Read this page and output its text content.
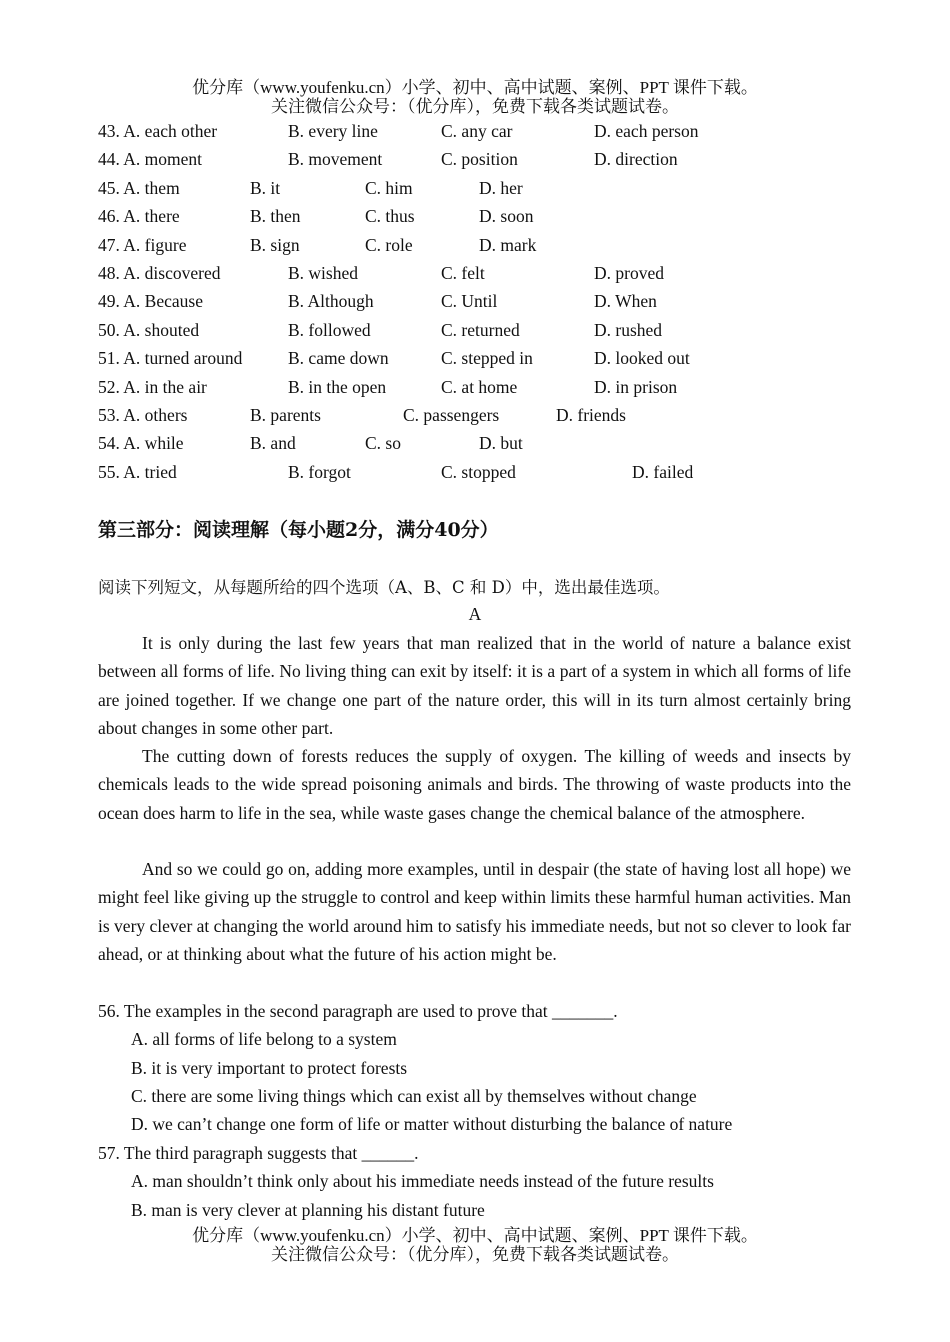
优分库（www.youfenku.cn）小学、初中、高中试题、案例、PPT 课件下载。
关注微信公众号：（优分库），免费下载各类试题试卷。
43. A. each other	B. every line	C. any car	D. each person
44. A. moment	B. movement	C. position	D. direction
45. A. them	B. it	C. him	D. her
46. A. there	B. then	C. thus	D. soon
47. A. figure	B. sign	C. role	D. mark
48. A. discovered	B. wished	C. felt	D. proved
49. A. Because	B. Although	C. Until	D. When
50. A. shouted	B. followed	C. returned	D. rushed
51. A. turned around	B. came down	C. stepped in	D. looked out
52. A. in the air	B. in the open	C. at home	D. in prison
53. A. others	B. parents	C. passengers	D. friends
54. A. while	B. and	C. so	D. but
55. A. tried	B. forgot	C. stopped	D. failed
第三部分：阅读理解（每小题2分，满分40分）
阅读下列短文，从每题所给的四个选项（A、B、C 和 D）中，选出最佳选项。
A

It is only during the last few years that man realized that in the world of nature a balance exist between all forms of life. No living thing can exit by itself: it is a part of a system in which all forms of life are joined together. If we change one part of the nature order, this will in its turn almost certainly bring about changes in some other part.

The cutting down of forests reduces the supply of oxygen. The killing of weeds and insects by chemicals leads to the wide spread poisoning animals and birds. The throwing of waste products into the ocean does harm to life in the sea, while waste gases change the chemical balance of the atmosphere.

And so we could go on, adding more examples, until in despair (the state of having lost all hope) we might feel like giving up the struggle to control and keep within limits these harmful human activities. Man is very clever at changing the world around him to satisfy his immediate needs, but not so clever to look far ahead, or at thinking about what the future of his action might be.

56. The examples in the second paragraph are used to prove that _______.
A. all forms of life belong to a system
B. it is very important to protect forests
C. there are some living things which can exist all by themselves without change
D. we can’t change one form of life or matter without disturbing the balance of nature
57. The third paragraph suggests that ______.
A. man shouldn’t think only about his immediate needs instead of the future results
B. man is very clever at planning his distant future
优分库（www.youfenku.cn）小学、初中、高中试题、案例、PPT 课件下载。
关注微信公众号：（优分库），免费下载各类试题试卷。
